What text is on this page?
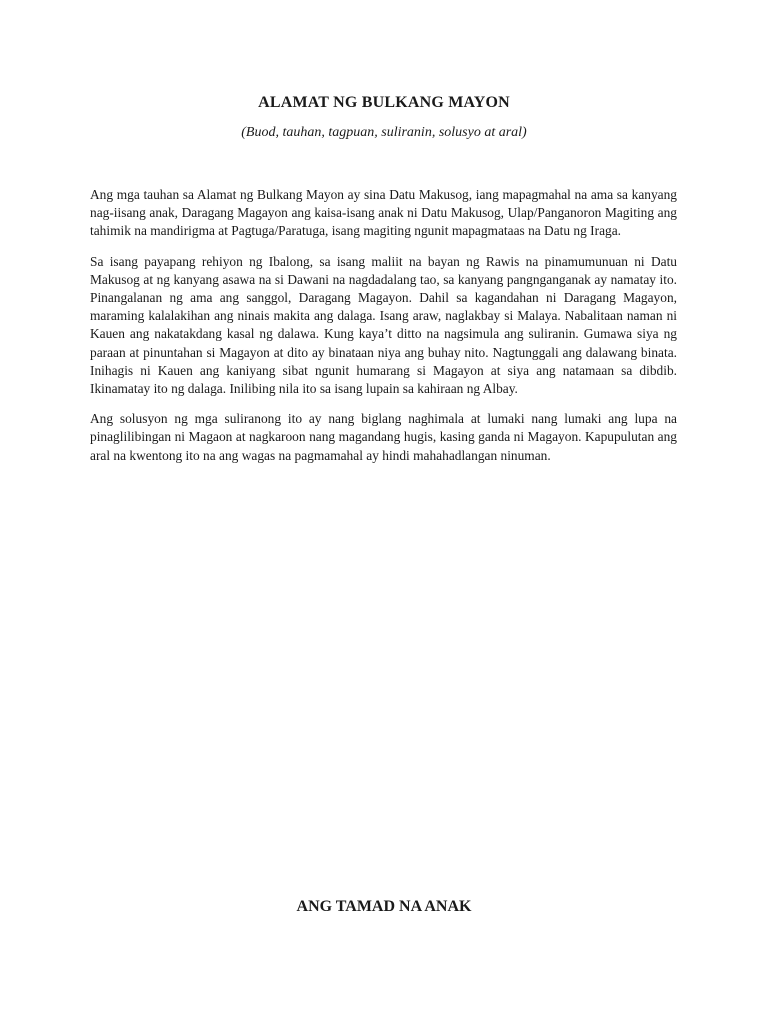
ALAMAT NG BULKANG MAYON
(Buod, tauhan, tagpuan, suliranin, solusyo at aral)

Ang mga tauhan sa Alamat ng Bulkang Mayon ay sina Datu Makusog, iang mapagmahal na ama sa kanyang nag-iisang anak, Daragang Magayon ang kaisa-isang anak ni Datu Makusog, Ulap/Panganoron Magiting ang tahimik na mandirigma at Pagtuga/Paratuga, isang magiting ngunit mapagmataas na Datu ng Iraga.

Sa isang payapang rehiyon ng Ibalong, sa isang maliit na bayan ng Rawis na pinamumunuan ni Datu Makusog at ng kanyang asawa na si Dawani na nagdadalang tao, sa kanyang pangnganganak ay namatay ito. Pinangalanan ng ama ang sanggol, Daragang Magayon. Dahil sa kagandahan ni Daragang Magayon, maraming kalalakihan ang ninais makita ang dalaga. Isang araw, naglakbay si Malaya. Nabalitaan naman ni Kauen ang nakatakdang kasal ng dalawa. Kung kaya’t ditto na nagsimula ang suliranin. Gumawa siya ng paraan at pinuntahan si Magayon at dito ay binataan niya ang buhay nito. Nagtunggali ang dalawang binata. Inihagis ni Kauen ang kaniyang sibat ngunit humarang si Magayon at siya ang natamaan sa dibdib. Ikinamatay ito ng dalaga. Inilibing nila ito sa isang lupain sa kahiraan ng Albay.

Ang solusyon ng mga suliranong ito ay nang biglang naghimala at lumaki nang lumaki ang lupa na pinaglilibingan ni Magaon at nagkaroon nang magandang hugis, kasing ganda ni Magayon. Kapupulutan ang aral na kwentong ito na ang wagas na pagmamahal ay hindi mahahadlangan ninuman.

ANG TAMAD NA ANAK
